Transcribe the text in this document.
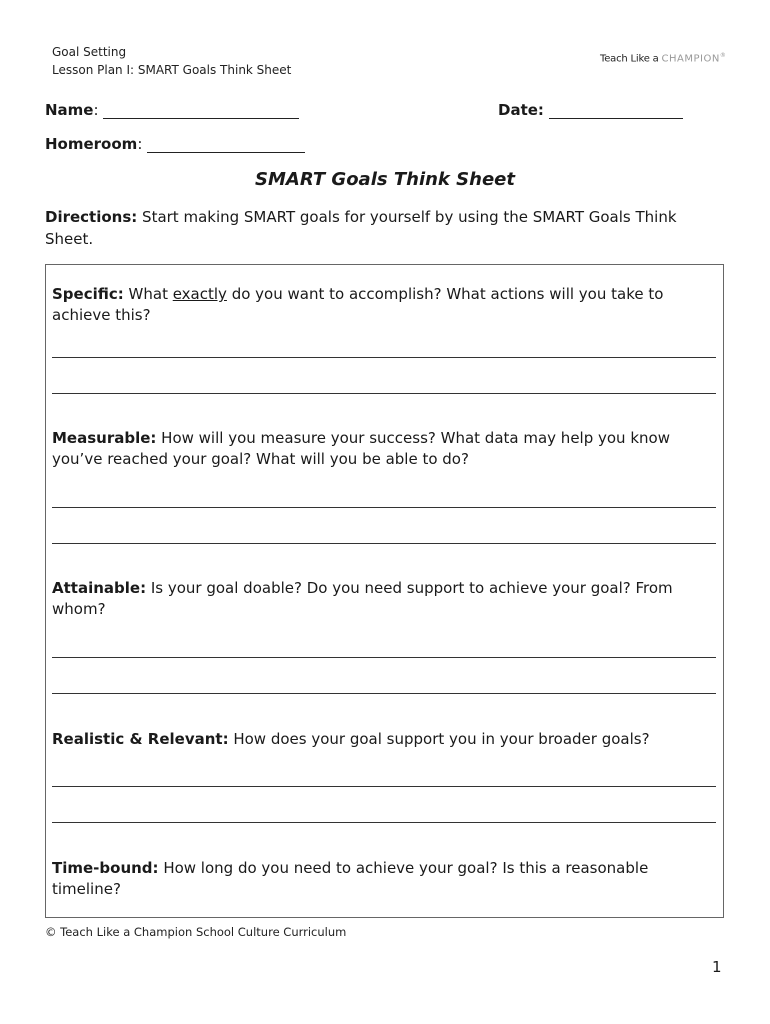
Goal Setting
Lesson Plan I: SMART Goals Think Sheet
Teach Like a CHAMPION®
Name:	Date:
Homeroom:
SMART Goals Think Sheet
Directions: Start making SMART goals for yourself by using the SMART Goals Think Sheet.
Specific: What exactly do you want to accomplish? What actions will you take to achieve this?
Measurable: How will you measure your success? What data may help you know you’ve reached your goal? What will you be able to do?
Attainable: Is your goal doable? Do you need support to achieve your goal? From whom?
Realistic & Relevant: How does your goal support you in your broader goals?
Time-bound: How long do you need to achieve your goal? Is this a reasonable timeline?
© Teach Like a Champion School Culture Curriculum
1
